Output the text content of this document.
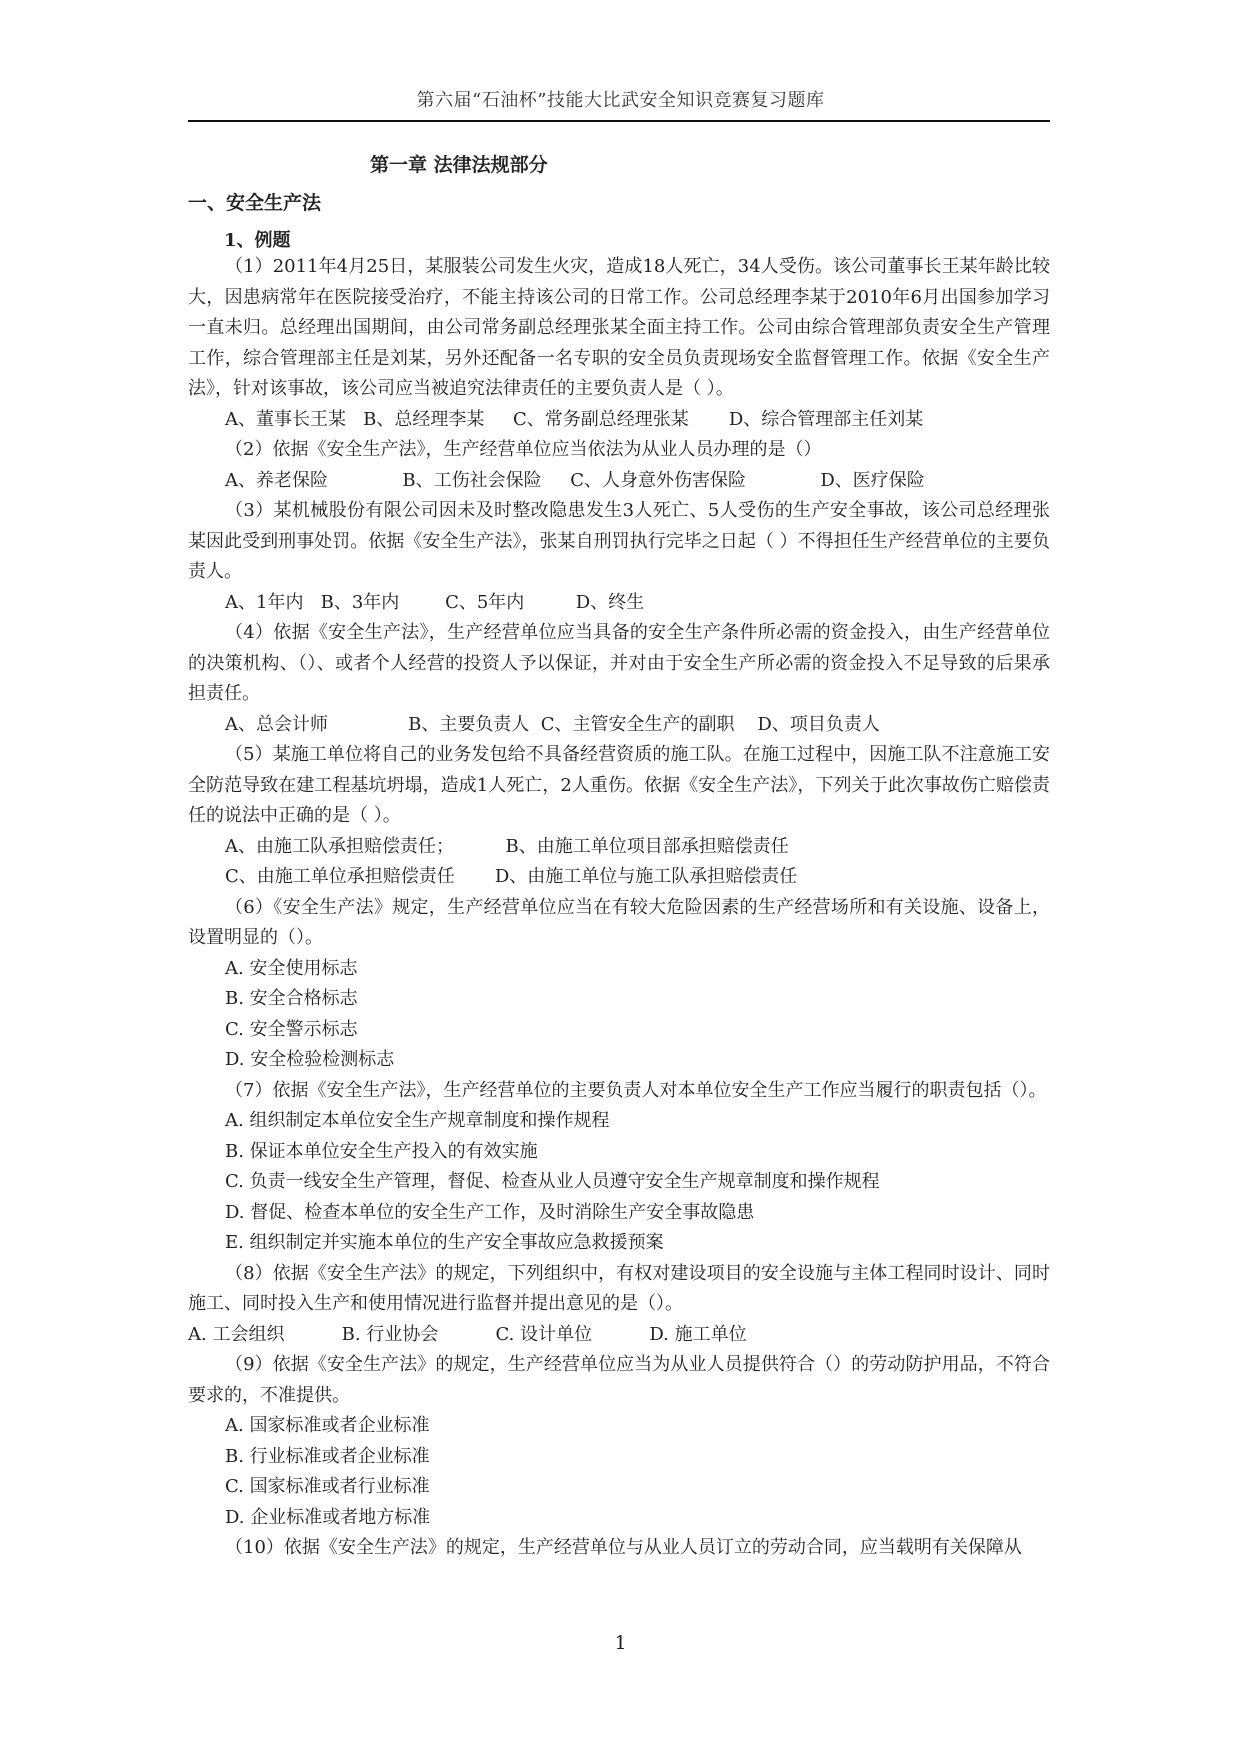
第六届“石油杯”技能大比武安全知识竞赛复习题库
第一章 法律法规部分
一、安全生产法
1、例题
（1）2011年4月25日，某服装公司发生火灾，造成18人死亡，34人受伤。该公司董事长王某年龄比较大，因患病常年在医院接受治疗，不能主持该公司的日常工作。公司总经理李某于2010年6月出国参加学习一直未归。总经理出国期间，由公司常务副总经理张某全面主持工作。公司由综合管理部负责安全生产管理工作，综合管理部主任是刘某，另外还配备一名专职的安全员负责现场安全监督管理工作。依据《安全生产法》，针对该事故，该公司应当被追究法律责任的主要负责人是（ ）。
A、董事长王某   B、总经理李某     C、常务副总经理张某       D、综合管理部主任刘某
（2）依据《安全生产法》，生产经营单位应当依法为从业人员办理的是（）
A、养老保险             B、工伤社会保险     C、人身意外伤害保险             D、医疗保险
（3）某机械股份有限公司因未及时整改隐患发生3人死亡、5人受伤的生产安全事故，该公司总经理张某因此受到刑事处罚。依据《安全生产法》，张某自刑罚执行完毕之日起（ ）不得担任生产经营单位的主要负责人。
A、1年内   B、3年内        C、5年内         D、终生
（4）依据《安全生产法》，生产经营单位应当具备的安全生产条件所必需的资金投入，由生产经营单位的决策机构、（）、或者个人经营的投资人予以保证，并对由于安全生产所必需的资金投入不足导致的后果承担责任。
A、总会计师              B、主要负责人  C、主管安全生产的副职    D、项目负责人
（5）某施工单位将自己的业务发包给不具备经营资质的施工队。在施工过程中，因施工队不注意施工安全防范导致在建工程基坑坍塌，造成1人死亡，2人重伤。依据《安全生产法》，下列关于此次事故伤亡赔偿责任的说法中正确的是（ ）。
A、由施工队承担赔偿责任；         B、由施工单位项目部承担赔偿责任
C、由施工单位承担赔偿责任       D、由施工单位与施工队承担赔偿责任
（6）《安全生产法》规定，生产经营单位应当在有较大危险因素的生产经营场所和有关设施、设备上，设置明显的（）。
A. 安全使用标志
B. 安全合格标志
C. 安全警示标志
D. 安全检验检测标志
（7）依据《安全生产法》，生产经营单位的主要负责人对本单位安全生产工作应当履行的职责包括（）。
A. 组织制定本单位安全生产规章制度和操作规程
B. 保证本单位安全生产投入的有效实施
C. 负责一线安全生产管理，督促、检查从业人员遵守安全生产规章制度和操作规程
D. 督促、检查本单位的安全生产工作，及时消除生产安全事故隐患
E. 组织制定并实施本单位的生产安全事故应急救援预案
（8）依据《安全生产法》的规定，下列组织中，有权对建设项目的安全设施与主体工程同时设计、同时施工、同时投入生产和使用情况进行监督并提出意见的是（）。
A. 工会组织          B. 行业协会          C. 设计单位          D. 施工单位
（9）依据《安全生产法》的规定，生产经营单位应当为从业人员提供符合（）的劳动防护用品，不符合要求的，不准提供。
A. 国家标准或者企业标准
B. 行业标准或者企业标准
C. 国家标准或者行业标准
D. 企业标准或者地方标准
（10）依据《安全生产法》的规定，生产经营单位与从业人员订立的劳动合同，应当载明有关保障从
1
